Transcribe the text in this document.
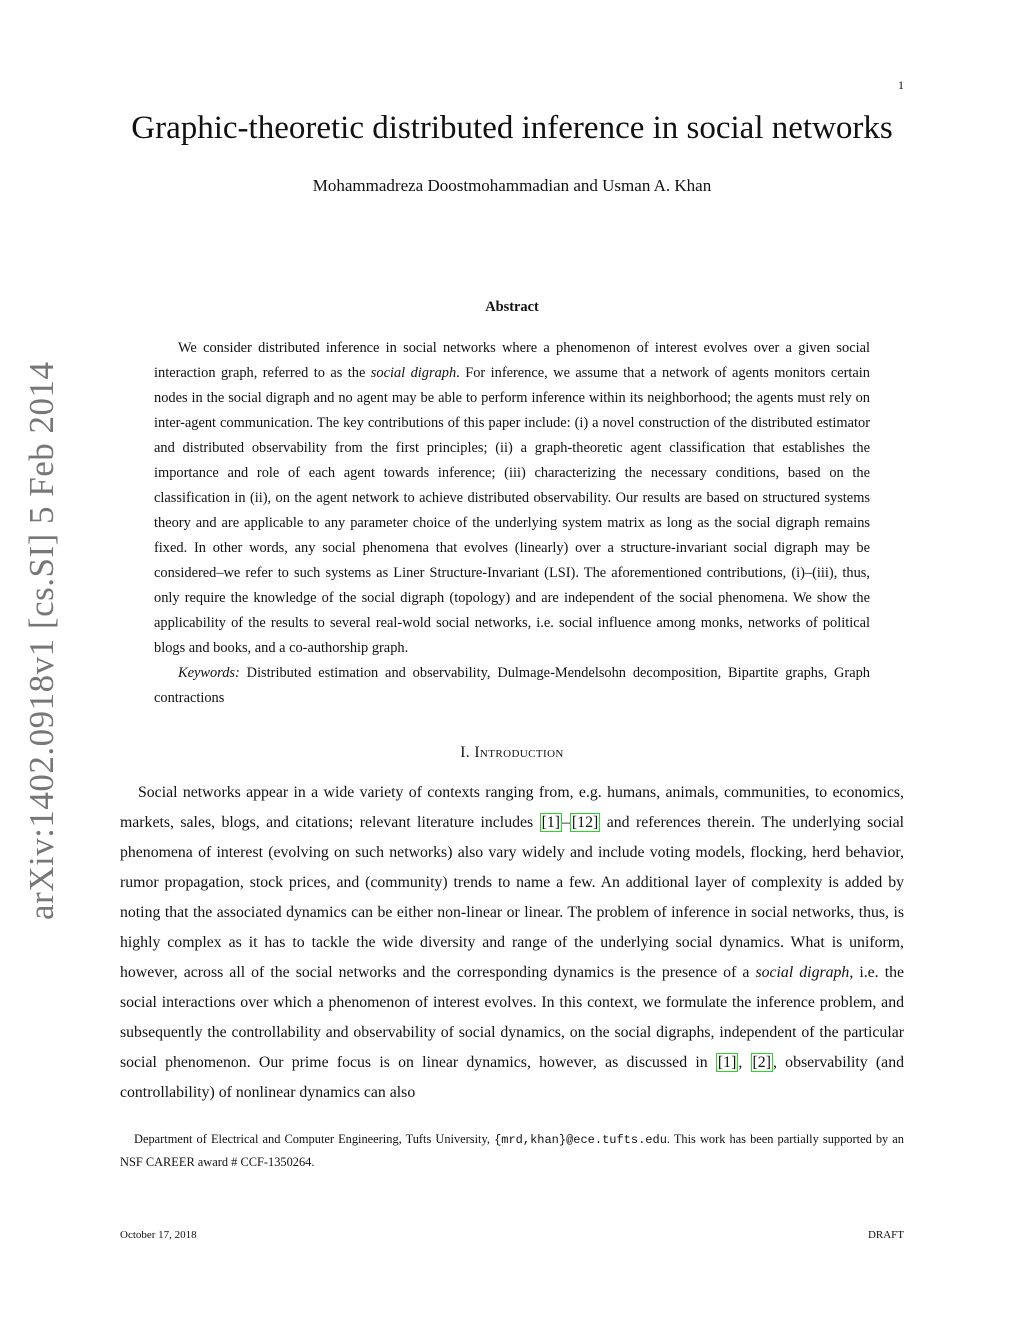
1
Graphic-theoretic distributed inference in social networks
Mohammadreza Doostmohammadian and Usman A. Khan
arXiv:1402.0918v1 [cs.SI] 5 Feb 2014
Abstract

We consider distributed inference in social networks where a phenomenon of interest evolves over a given social interaction graph, referred to as the social digraph. For inference, we assume that a network of agents monitors certain nodes in the social digraph and no agent may be able to perform inference within its neighborhood; the agents must rely on inter-agent communication. The key contributions of this paper include: (i) a novel construction of the distributed estimator and distributed observability from the first principles; (ii) a graph-theoretic agent classification that establishes the importance and role of each agent towards inference; (iii) characterizing the necessary conditions, based on the classification in (ii), on the agent network to achieve distributed observability. Our results are based on structured systems theory and are applicable to any parameter choice of the underlying system matrix as long as the social digraph remains fixed. In other words, any social phenomena that evolves (linearly) over a structure-invariant social digraph may be considered–we refer to such systems as Liner Structure-Invariant (LSI). The aforementioned contributions, (i)–(iii), thus, only require the knowledge of the social digraph (topology) and are independent of the social phenomena. We show the applicability of the results to several real-wold social networks, i.e. social influence among monks, networks of political blogs and books, and a co-authorship graph.

Keywords: Distributed estimation and observability, Dulmage-Mendelsohn decomposition, Bipartite graphs, Graph contractions

I. Introduction

Social networks appear in a wide variety of contexts ranging from, e.g. humans, animals, communities, to economics, markets, sales, blogs, and citations; relevant literature includes [1] – [12] and references therein. The underlying social phenomena of interest (evolving on such networks) also vary widely and include voting models, flocking, herd behavior, rumor propagation, stock prices, and (community) trends to name a few. An additional layer of complexity is added by noting that the associated dynamics can be either non-linear or linear. The problem of inference in social networks, thus, is highly complex as it has to tackle the wide diversity and range of the underlying social dynamics. What is uniform, however, across all of the social networks and the corresponding dynamics is the presence of a social digraph, i.e. the social interactions over which a phenomenon of interest evolves. In this context, we formulate the inference problem, and subsequently the controllability and observability of social dynamics, on the social digraphs, independent of the particular social phenomenon. Our prime focus is on linear dynamics, however, as discussed in [1] , [2] , observability (and controllability) of nonlinear dynamics can also

Department of Electrical and Computer Engineering, Tufts University, {mrd,khan}@ece.tufts.edu. This work has been partially supported by an NSF CAREER award # CCF-1350264.

October 17, 2018	DRAFT
